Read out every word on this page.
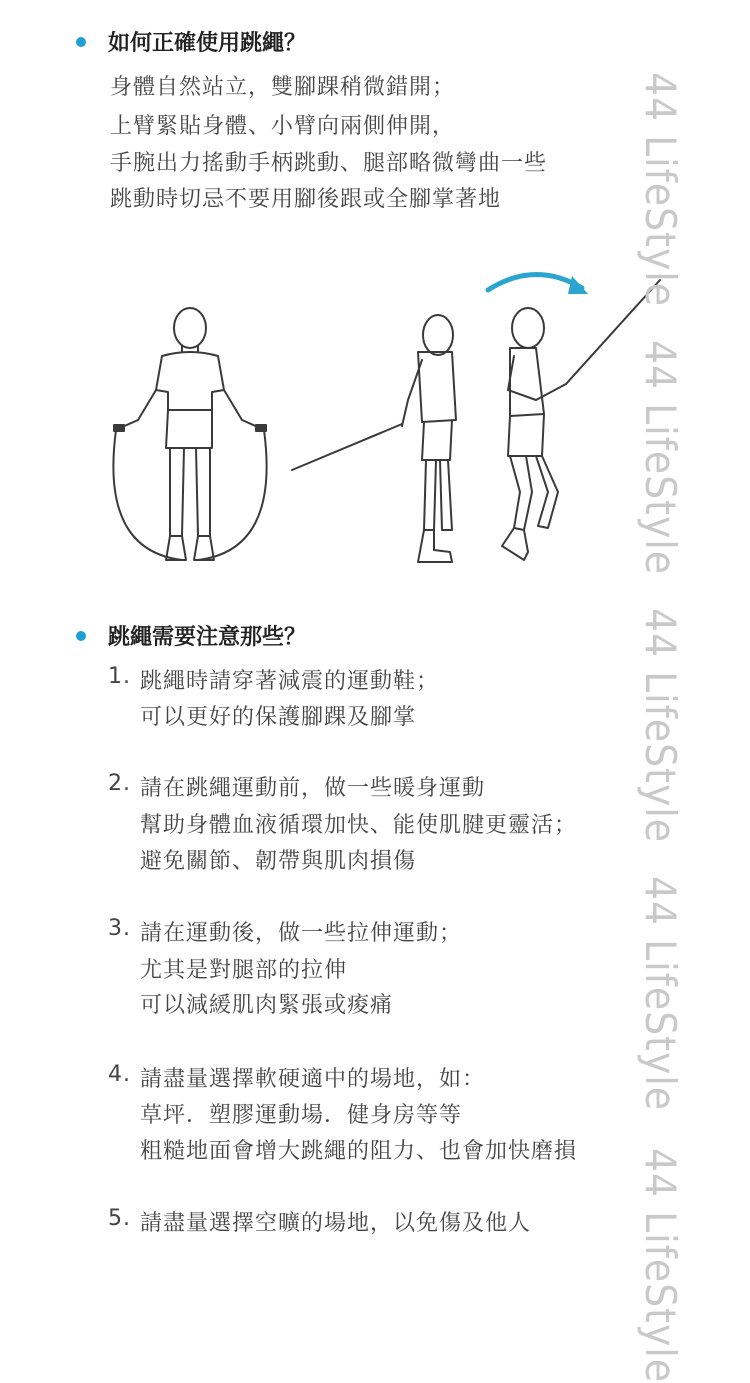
如何正確使用跳繩？
身體自然站立，雙腳踝稍微錯開；
上臂緊貼身體、小臂向兩側伸開，
手腕出力搖動手柄跳動、腿部略微彎曲一些
跳動時切忌不要用腳後跟或全腳掌著地
跳繩需要注意那些？
1. 跳繩時請穿著減震的運動鞋；
可以更好的保護腳踝及腳掌
2. 請在跳繩運動前，做一些暖身運動
幫助身體血液循環加快、能使肌腱更靈活；
避免關節、韌帶與肌肉損傷
3. 請在運動後，做一些拉伸運動；
尤其是對腿部的拉伸
可以減緩肌肉緊張或痠痛
4. 請盡量選擇軟硬適中的場地，如：
草坪．塑膠運動場．健身房等等
粗糙地面會增大跳繩的阻力、也會加快磨損
5. 請盡量選擇空曠的場地，以免傷及他人
44 LifeStyle
44 LifeStyle
44 LifeStyle
44 LifeStyle
44 LifeStyle
